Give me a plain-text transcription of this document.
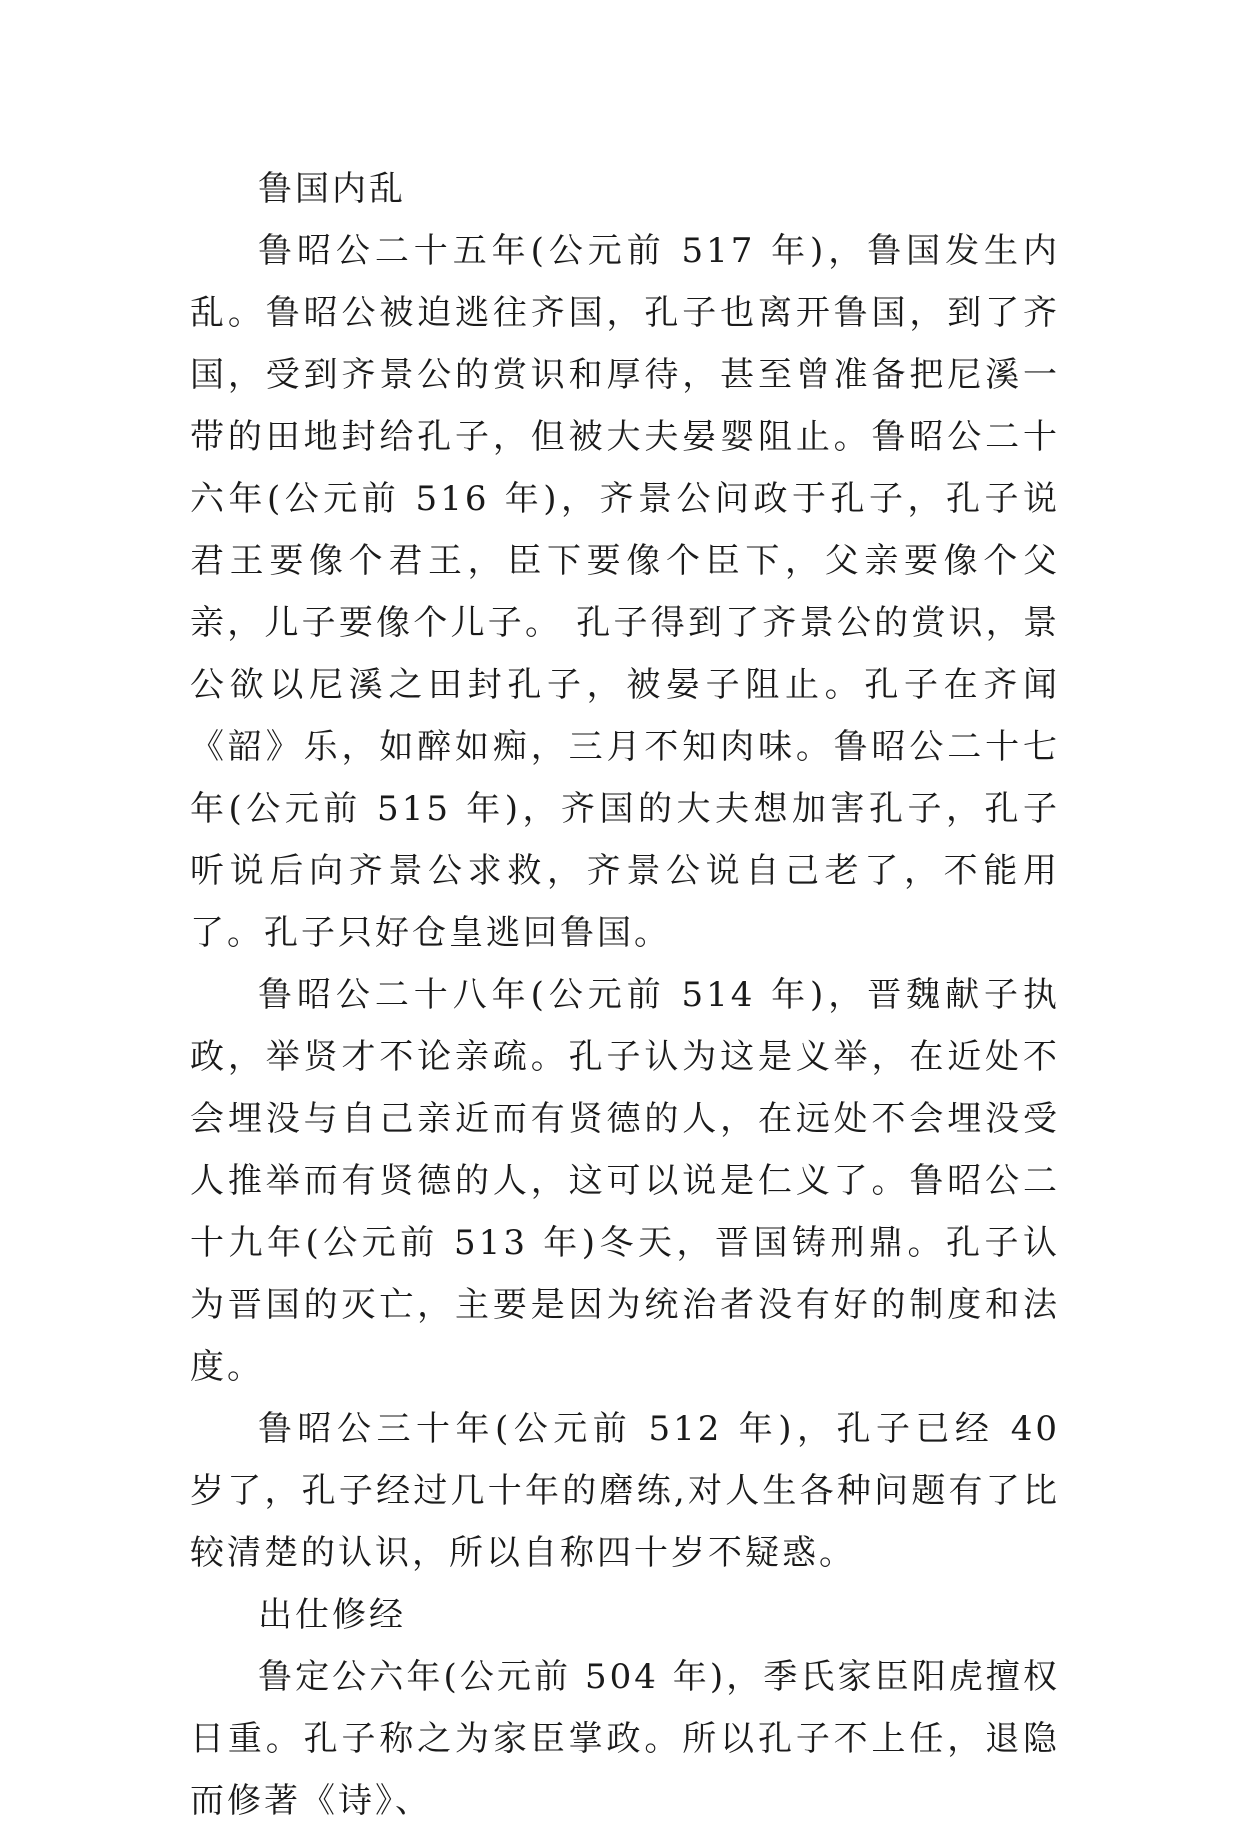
鲁国内乱

鲁昭公二十五年(公元前 517 年)，鲁国发生内乱。鲁昭公被迫逃往齐国，孔子也离开鲁国，到了齐国，受到齐景公的赏识和厚待，甚至曾准备把尼溪一带的田地封给孔子，但被大夫晏婴阻止。鲁昭公二十六年(公元前 516 年)，齐景公问政于孔子，孔子说君王要像个君王，臣下要像个臣下，父亲要像个父亲，儿子要像个儿子。 孔子得到了齐景公的赏识，景公欲以尼溪之田封孔子，被晏子阻止。孔子在齐闻《韶》乐，如醉如痴，三月不知肉味。鲁昭公二十七年(公元前 515 年)，齐国的大夫想加害孔子，孔子听说后向齐景公求救，齐景公说自己老了，不能用了。孔子只好仓皇逃回鲁国。

鲁昭公二十八年(公元前 514 年)，晋魏献子执政，举贤才不论亲疏。孔子认为这是义举，在近处不会埋没与自己亲近而有贤德的人，在远处不会埋没受人推举而有贤德的人，这可以说是仁义了。鲁昭公二十九年(公元前 513 年)冬天，晋国铸刑鼎。孔子认为晋国的灭亡，主要是因为统治者没有好的制度和法度。

鲁昭公三十年(公元前 512 年)，孔子已经 40 岁了，孔子经过几十年的磨练,对人生各种问题有了比较清楚的认识，所以自称四十岁不疑惑。

出仕修经

鲁定公六年(公元前 504 年)，季氏家臣阳虎擅权日重。孔子称之为家臣掌政。所以孔子不上任，退隐而修著《诗》、
